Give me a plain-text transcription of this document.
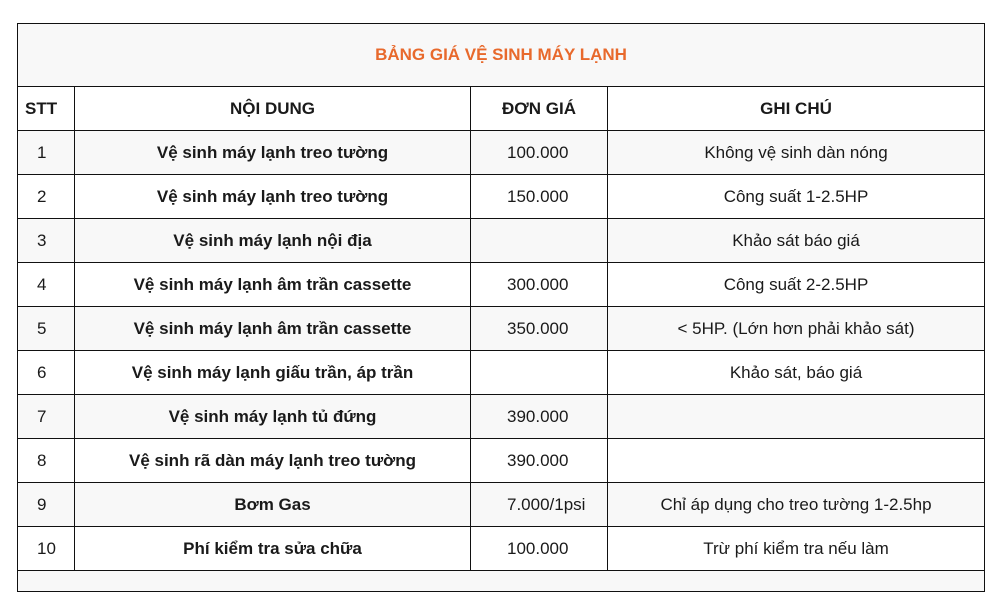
BẢNG GIÁ VỆ SINH MÁY LẠNH			
STT	NỘI DUNG	ĐƠN GIÁ	GHI CHÚ
1	Vệ sinh máy lạnh treo tường	100.000	Không vệ sinh dàn nóng
2	Vệ sinh máy lạnh treo tường	150.000	Công suất 1-2.5HP
3	Vệ sinh máy lạnh nội địa		Khảo sát báo giá
4	Vệ sinh máy lạnh âm trần cassette	300.000	Công suất 2-2.5HP
5	Vệ sinh máy lạnh âm trần cassette	350.000	< 5HP. (Lớn hơn phải khảo sát)
6	Vệ sinh máy lạnh giấu trần, áp trần		Khảo sát, báo giá
7	Vệ sinh máy lạnh tủ đứng	390.000	
8	Vệ sinh rã dàn máy lạnh treo tường	390.000	
9	Bơm Gas	7.000/1psi	Chỉ áp dụng cho treo tường 1-2.5hp
10	Phí kiểm tra sửa chữa	100.000	Trừ phí kiểm tra nếu làm
